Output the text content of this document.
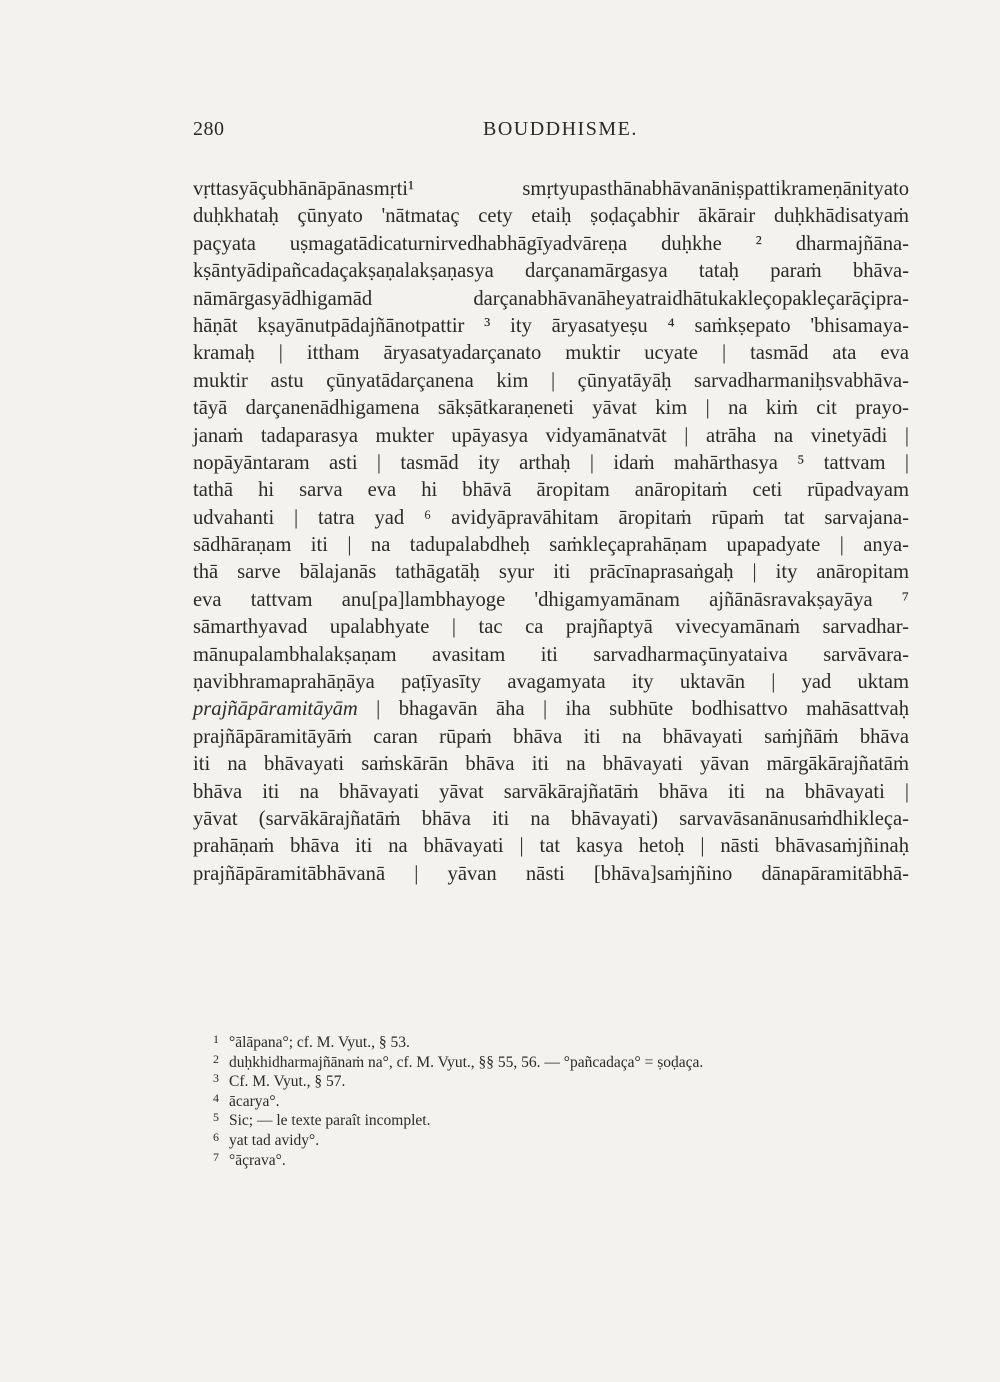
280	BOUDDHISME.
vṛttasyāçubhānāpānasmṛti¹ smṛtyupasthānabhāvanāniṣpattikrameṇānityato
duḥkhataḥ çūnyato 'nātmataç cety etaiḥ ṣoḍaçabhir ākārair duḥkhādisatyaṁ
paçyata uṣmagatādicaturnirvedhabhāgīyadvāreṇa duḥkhe ² dharmajñāna-
kṣāntyādipañcadaçakṣaṇalakṣaṇasya darçanamārgasya tataḥ paraṁ bhāva-
nāmārgasyādhigamād darçanabhāvanāheyatraidhātukakleçopakleçarāçipra-
hāṇāt kṣayānutpādajñānotpattir ³ ity āryasatyeṣu ⁴ saṁkṣepato 'bhisamaya-
kramaḥ | ittham āryasatyadarçanato muktir ucyate | tasmād ata eva
muktir astu çūnyatādarçanena kim | çūnyatāyāḥ sarvadharmaniḥsvabhāva-
tāyā darçanenādhigamena sākṣātkaraṇeneti yāvat kim | na kiṁ cit prayo-
janaṁ tadaparasya mukter upāyasya vidyamānatvāt | atrāha na vinetyādi |
nopāyāntaram asti | tasmād ity arthaḥ | idaṁ mahārthasya ⁵ tattvam |
tathā hi sarva eva hi bhāvā āropitam anāropitaṁ ceti rūpadvayam
udvahanti | tatra yad ⁶ avidyāpravāhitam āropitaṁ rūpaṁ tat sarvajana-
sādhāraṇam iti | na tadupalabdheḥ saṁkleçaprahāṇam upapadyate | anya-
thā sarve bālajanās tathāgatāḥ syur iti prācīnaprasaṅgaḥ | ity anāropitam
eva tattvam anu[pa]lambhayoge 'dhigamyamānam ajñānāsravakṣayāya ⁷
sāmarthyavad upalabhyate | tac ca prajñaptyā vivecyamānaṁ sarvadhar-
mānupalambhalakṣaṇam avasitam iti sarvadharmaçūnyataiva sarvāvara-
ṇavibhramaprahāṇāya paṭīyasīty avagamyata ity uktavān | yad uktam
prajñāpāramitāyām | bhagavān āha | iha subhūte bodhisattvo mahāsattvaḥ
prajñāpāramitāyāṁ caran rūpaṁ bhāva iti na bhāvayati saṁjñāṁ bhāva
iti na bhāvayati saṁskārān bhāva iti na bhāvayati yāvan mārgākārajñatāṁ
bhāva iti na bhāvayati yāvat sarvākārajñatāṁ bhāva iti na bhāvayati |
yāvat (sarvākārajñatāṁ bhāva iti na bhāvayati) sarvavāsanānusaṁdhikleça-
prahāṇaṁ bhāva iti na bhāvayati | tat kasya hetoḥ | nāsti bhāvasaṁjñinaḥ
prajñāpāramitābhāvanā | yāvan nāsti [bhāva]saṁjñino dānapāramitābhā-
1 °ālāpana°; cf. M. Vyut., § 53.
2 duḥkhidharmajñānaṁ na°, cf. M. Vyut., §§ 55, 56. — °pañcadaça° = ṣoḍaça.
3 Cf. M. Vyut., § 57.
4 ācarya°.
5 Sic; — le texte paraît incomplet.
6 yat tad avidy°.
7 °āçrava°.
